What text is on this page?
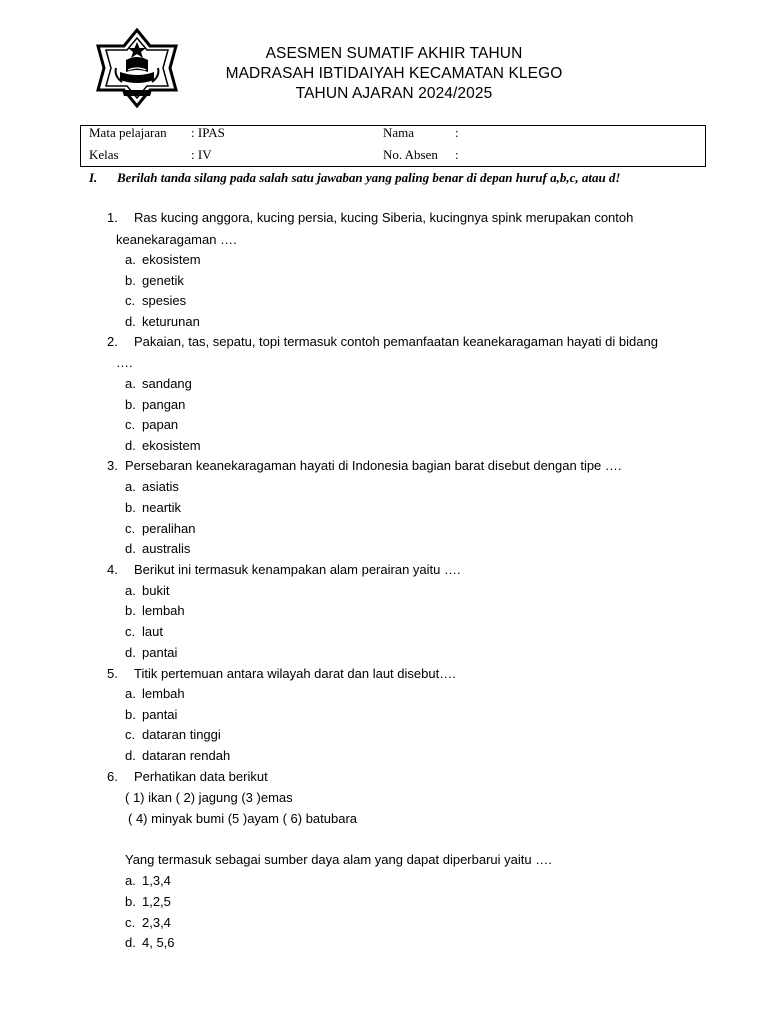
ASESMEN SUMATIF AKHIR TAHUN
MADRASAH IBTIDAIYAH KECAMATAN KLEGO
TAHUN AJARAN 2024/2025
Mata pelajaran : IPAS	Nama	:
Kelas	: IV	No. Absen :
I. Berilah tanda silang pada salah satu jawaban yang paling benar di depan huruf a,b,c, atau d!
1. Ras kucing anggora, kucing persia, kucing Siberia, kucingnya spink merupakan contoh
keanekaragaman ….
a. ekosistem
b. genetik
c. spesies
d. keturunan
2. Pakaian, tas, sepatu, topi termasuk contoh pemanfaatan keanekaragaman hayati di bidang
….
a. sandang
b. pangan
c. papan
d. ekosistem
3. Persebaran keanekaragaman hayati di Indonesia bagian barat disebut dengan tipe ….
a. asiatis
b. neartik
c. peralihan
d. australis
4. Berikut ini termasuk kenampakan alam perairan yaitu ….
a. bukit
b. lembah
c. laut
d. pantai
5. Titik pertemuan antara wilayah darat dan laut disebut….
a. lembah
b. pantai
c. dataran tinggi
d. dataran rendah
6. Perhatikan data berikut
( 1) ikan ( 2) jagung (3 )emas
( 4) minyak bumi (5 )ayam ( 6) batubara
Yang termasuk sebagai sumber daya alam yang dapat diperbarui yaitu ….
a. 1,3,4
b. 1,2,5
c. 2,3,4
d. 4, 5,6
